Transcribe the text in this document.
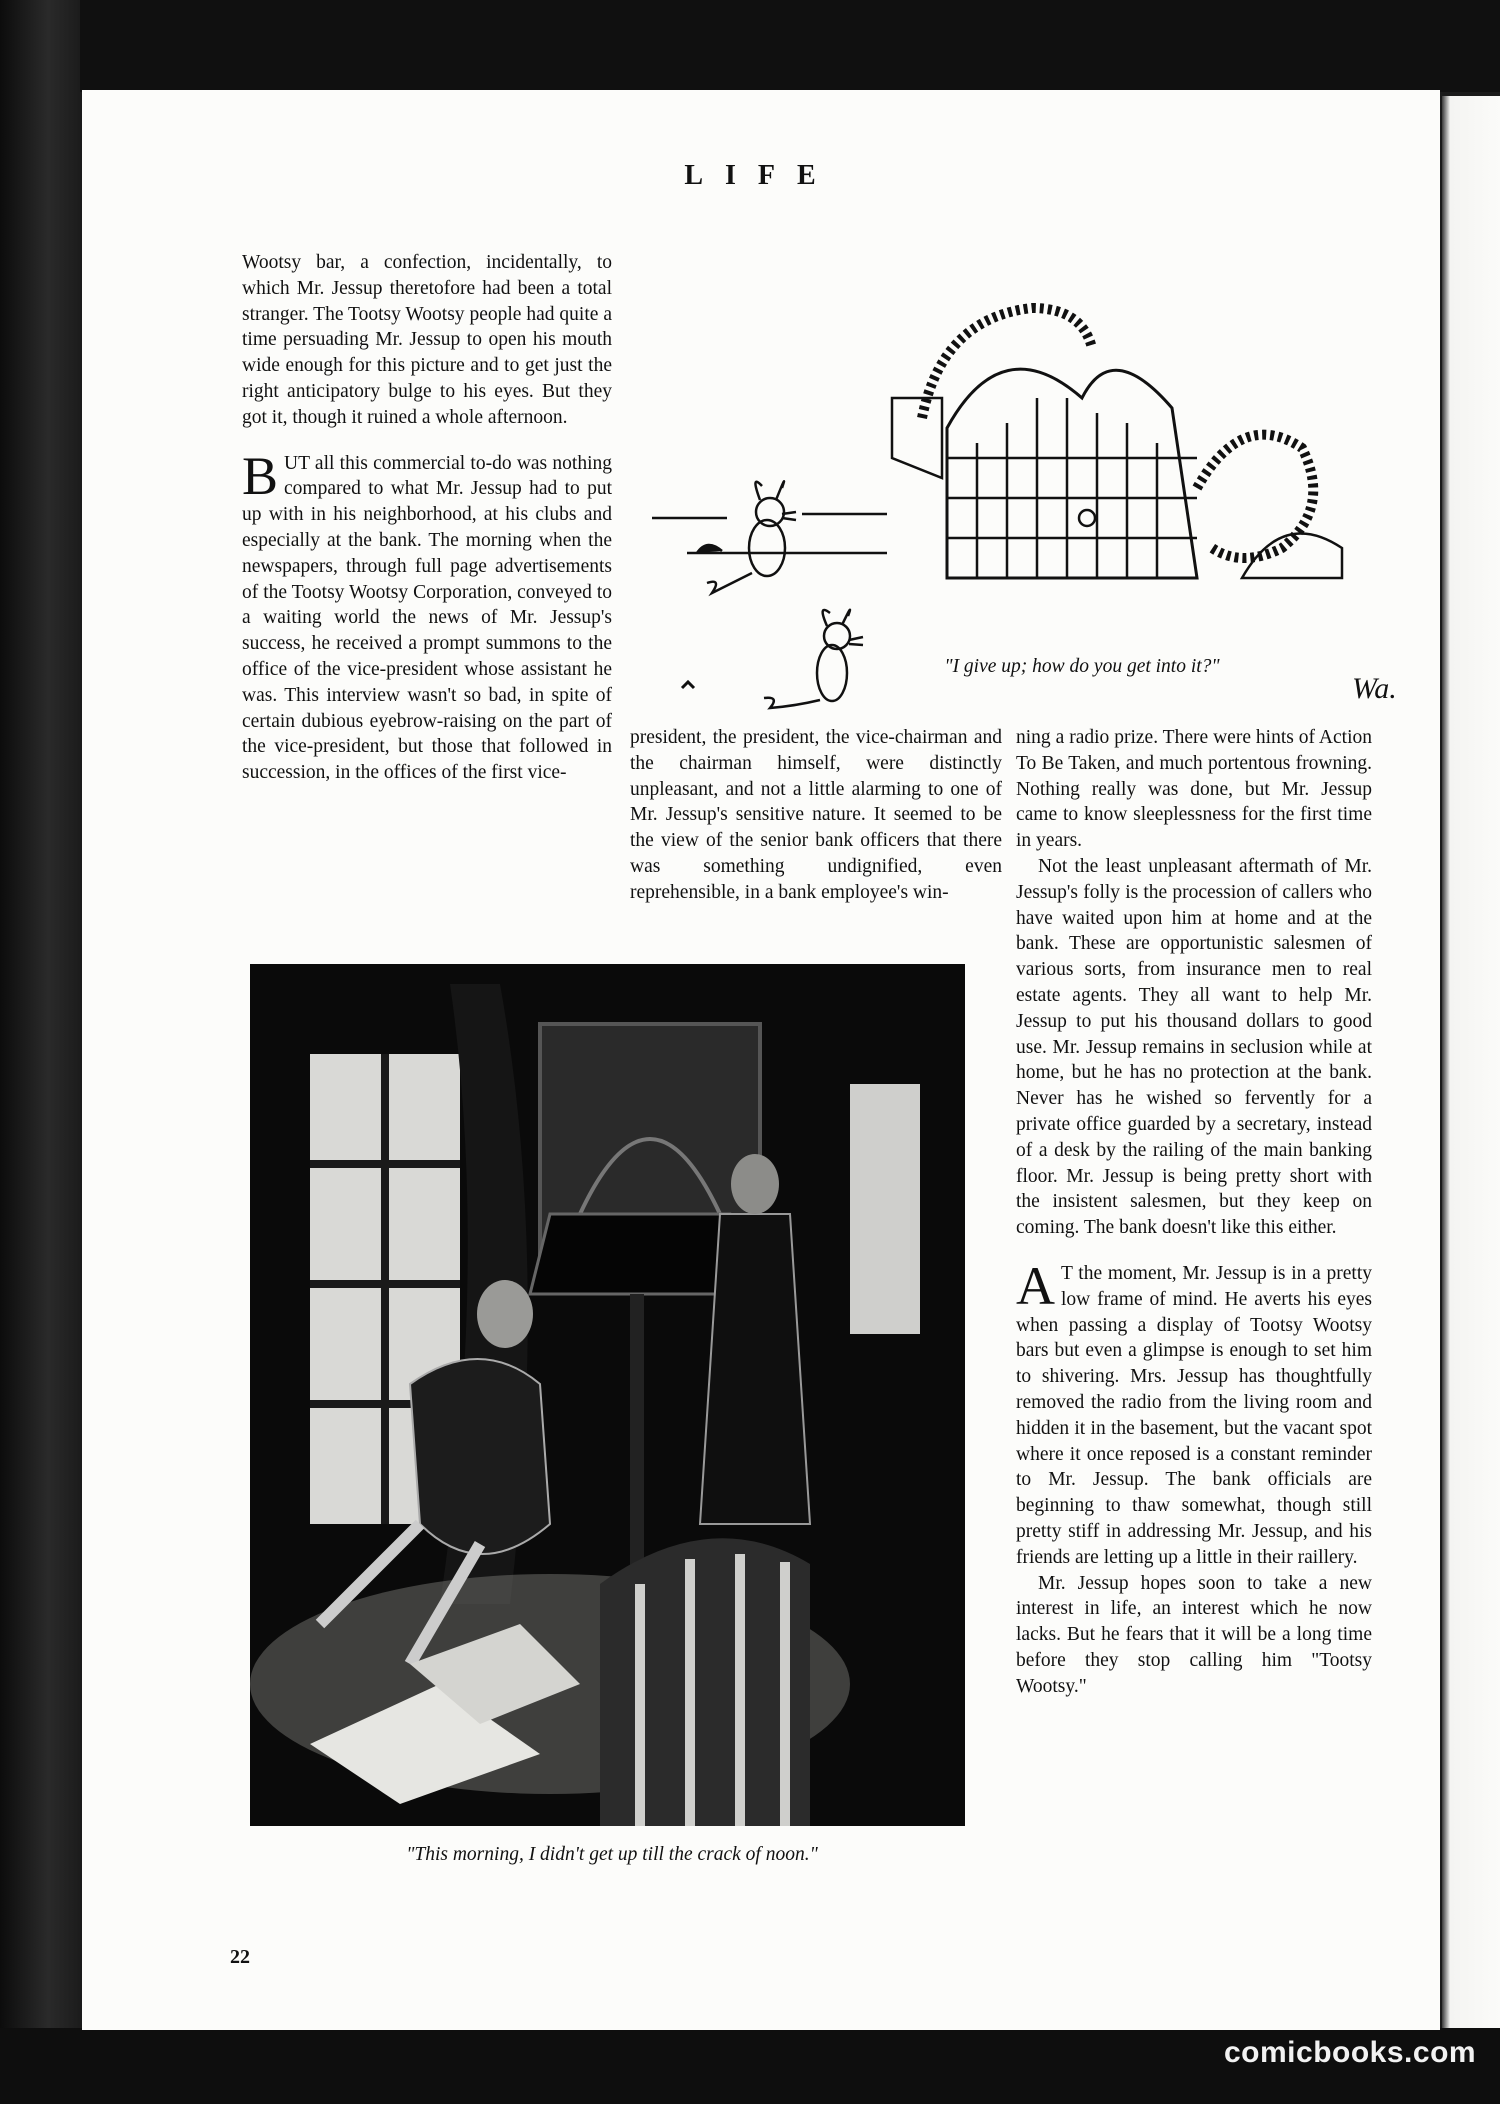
LIFE

Wootsy bar, a confection, incidentally, to which Mr. Jessup theretofore had been a total stranger. The Tootsy Wootsy people had quite a time persuading Mr. Jessup to open his mouth wide enough for this picture and to get just the right anticipatory bulge to his eyes. But they got it, though it ruined a whole afternoon.

BUT all this commercial to-do was nothing compared to what Mr. Jessup had to put up with in his neighborhood, at his clubs and especially at the bank. The morning when the newspapers, through full page advertisements of the Tootsy Wootsy Corporation, conveyed to a waiting world the news of Mr. Jessup's success, he received a prompt summons to the office of the vice-president whose assistant he was. This interview wasn't so bad, in spite of certain dubious eyebrow-raising on the part of the vice-president, but those that followed in succession, in the offices of the first vice-

president, the president, the vice-chairman and the chairman himself, were distinctly unpleasant, and not a little alarming to one of Mr. Jessup's sensitive nature. It seemed to be the view of the senior bank officers that there was something undignified, even reprehensible, in a bank employee's win-

ning a radio prize. There were hints of Action To Be Taken, and much portentous frowning. Nothing really was done, but Mr. Jessup came to know sleeplessness for the first time in years.

Not the least unpleasant aftermath of Mr. Jessup's folly is the procession of callers who have waited upon him at home and at the bank. These are opportunistic salesmen of various sorts, from insurance men to real estate agents. They all want to help Mr. Jessup to put his thousand dollars to good use. Mr. Jessup remains in seclusion while at home, but he has no protection at the bank. Never has he wished so fervently for a private office guarded by a secretary, instead of a desk by the railing of the main banking floor. Mr. Jessup is being pretty short with the insistent salesmen, but they keep on coming. The bank doesn't like this either.

A T the moment, Mr. Jessup is in a pretty low frame of mind. He averts his eyes when passing a display of Tootsy Wootsy bars but even a glimpse is enough to set him to shivering. Mrs. Jessup has thoughtfully removed the radio from the living room and hidden it in the basement, but the vacant spot where it once reposed is a constant reminder to Mr. Jessup. The bank officials are beginning to thaw somewhat, though still pretty stiff in addressing Mr. Jessup, and his friends are letting up a little in their raillery.

Mr. Jessup hopes soon to take a new interest in life, an interest which he now lacks. But he fears that it will be a long time before they stop calling him "Tootsy Wootsy."

Wa.
"I give up; how do you get into it?"
"This morning, I didn't get up till the crack of noon."
22
comicbooks.com
